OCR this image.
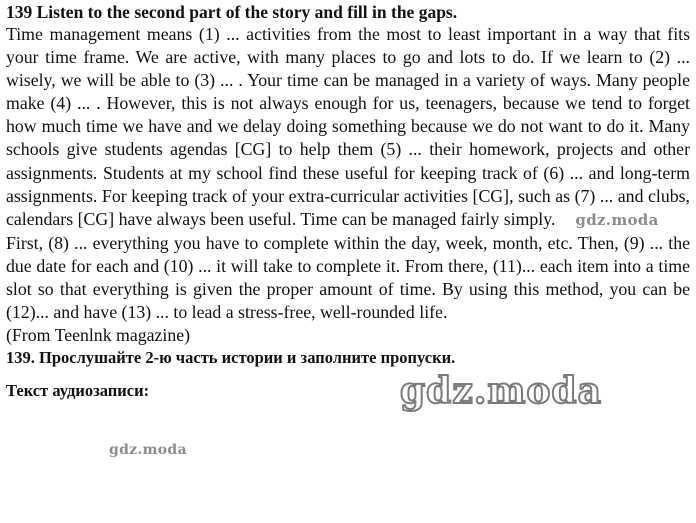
139 Listen to the second part of the story and fill in the gaps.

Time management means (1) ... activities from the most to least important in a way that fits your time frame. We are active, with many places to go and lots to do. If we learn to (2) ... wisely, we will be able to (3) ... . Your time can be managed in a variety of ways. Many people make (4) ... . However, this is not always enough for us, teenagers, because we tend to forget how much time we have and we delay doing something because we do not want to do it. Many schools give students agendas [CG] to help them (5) ... their homework, projects and other assignments. Students at my school find these useful for keeping track of (6) ... and long-term assignments. For keeping track of your extra-curricular activities [CG], such as (7) ... and clubs, calendars [CG] have always been useful. Time can be managed fairly simply. gdz.moda

First, (8) ... everything you have to complete within the day, week, month, etc. Then, (9) ... the due date for each and (10) ... it will take to complete it. From there, (11)... each item into a time slot so that everything is given the proper amount of time. By using this method, you can be (12)... and have (13) ... to lead a stress-free, well-rounded life.

(From Teenlnk magazine)
139. Прослушайте 2-ю часть истории и заполните пропуски.
Текст аудиозаписи:	gdz.moda
gdz.moda
